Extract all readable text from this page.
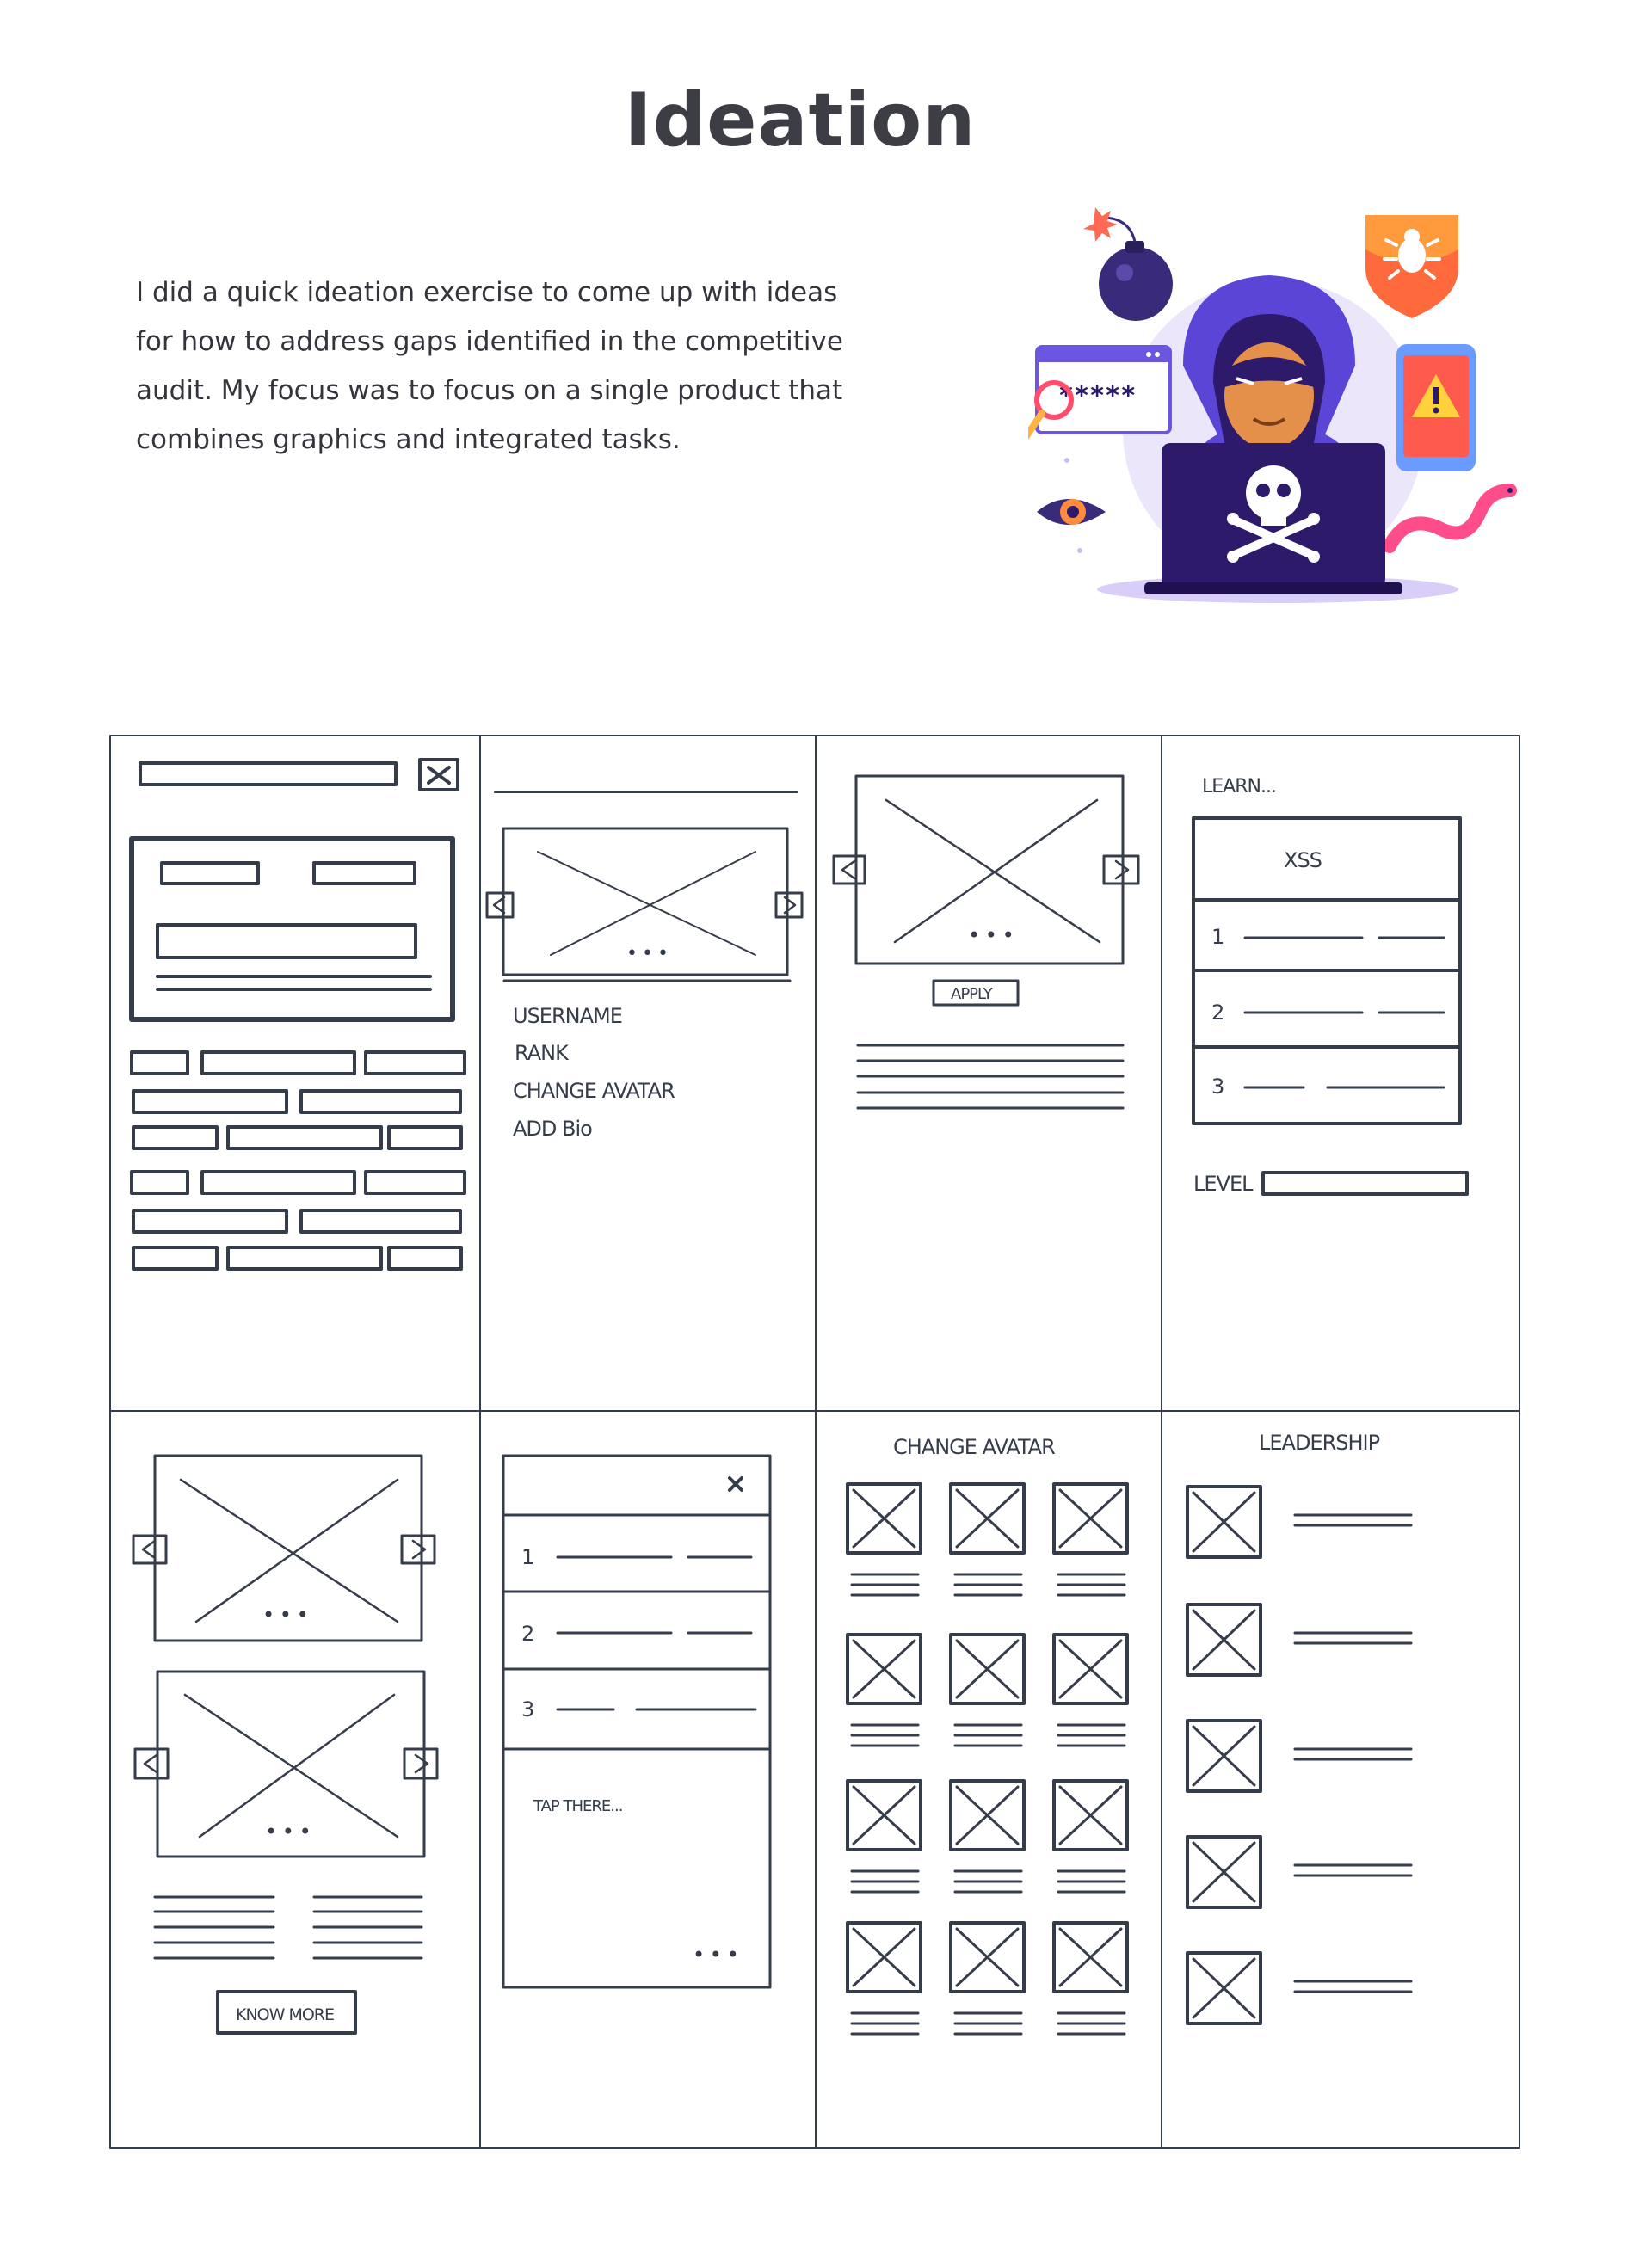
Ideation

I did a quick ideation exercise to come up with ideas for how to address gaps identified in the competitive audit. My focus was to focus on a single product that combines graphics and integrated tasks.

*****
• • •
USERNAME
RANK
CHANGE AVATAR
ADD Bio
• • •
APPLY
LEARN...
XSS
1
2
3
LEVEL
• • •
• • •
KNOW MORE
1
2
3
TAP THERE...
• • •
CHANGE AVATAR	LEADERSHIP
